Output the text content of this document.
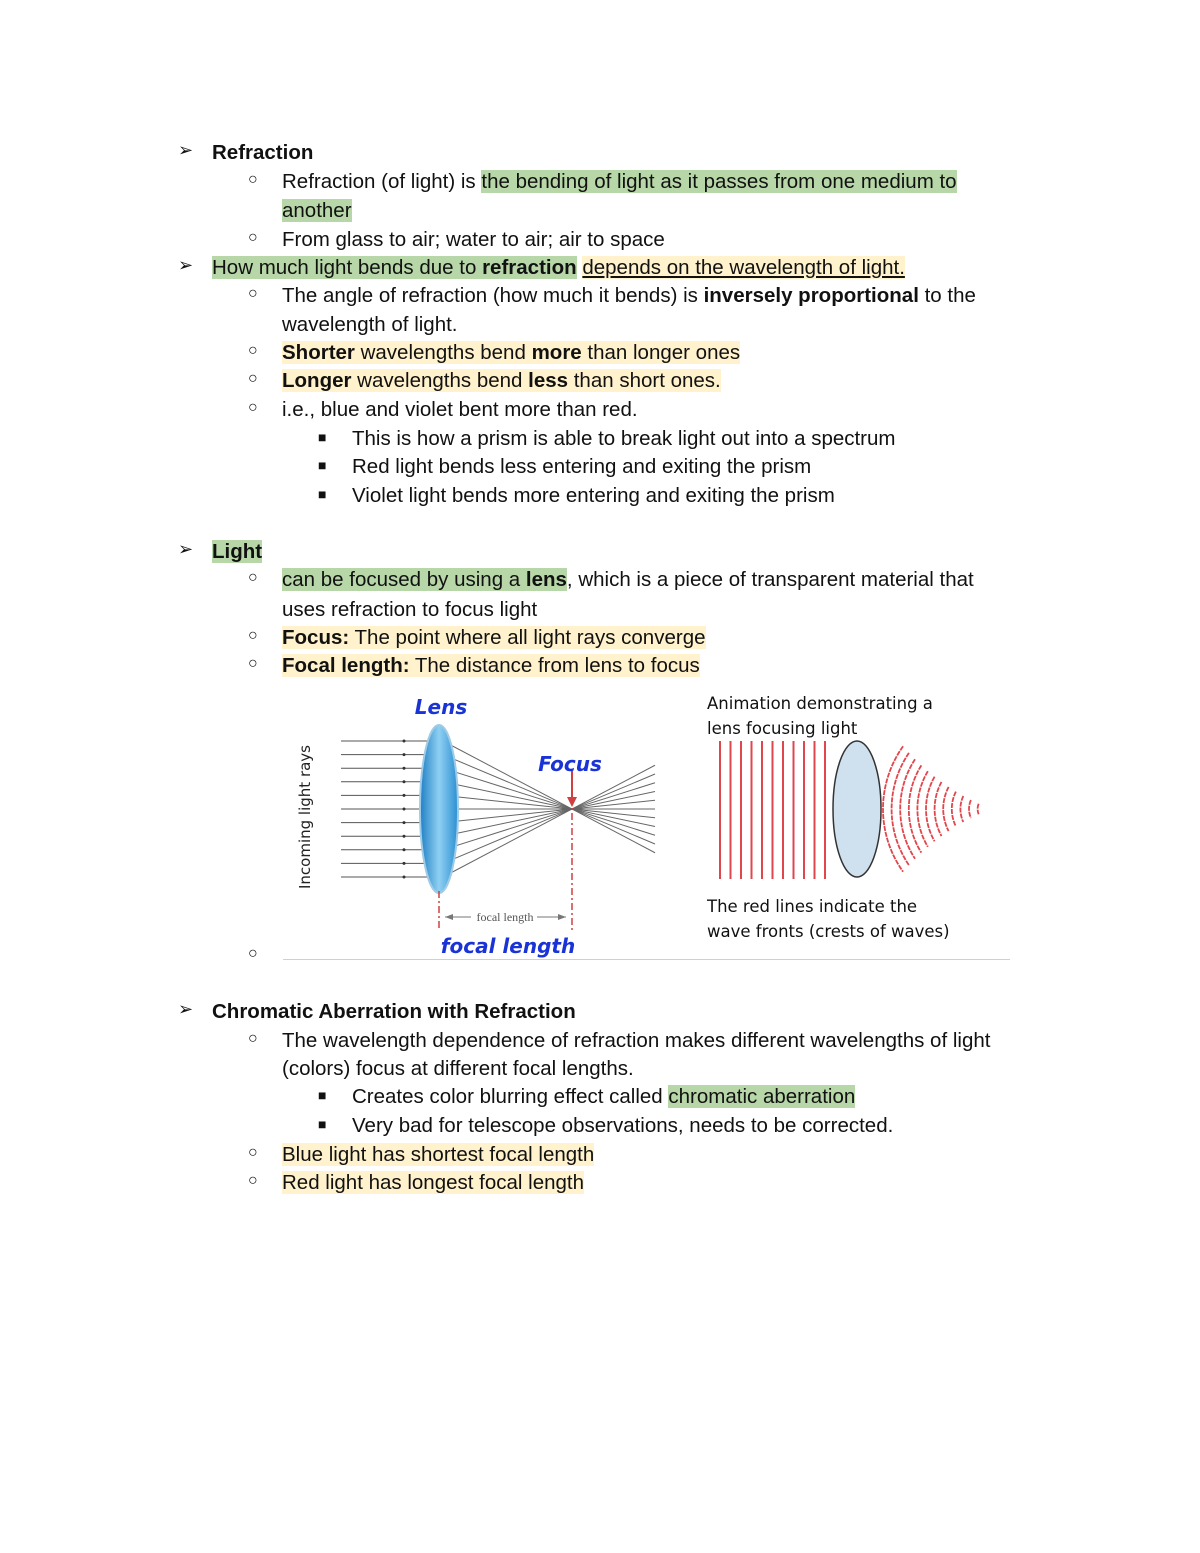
➢ Refraction
○ Refraction (of light) is the bending of light as it passes from one medium to
another
○ From glass to air; water to air; air to space
➢ How much light bends due to refraction depends on the wavelength of light.
○ The angle of refraction (how much it bends) is inversely proportional to the
wavelength of light.
○ Shorter wavelengths bend more than longer ones
○ Longer wavelengths bend less than short ones.
○ i.e., blue and violet bent more than red.
■ This is how a prism is able to break light out into a spectrum
■ Red light bends less entering and exiting the prism
■ Violet light bends more entering and exiting the prism
➢ Light
○ can be focused by using a lens, which is a piece of transparent material that
uses refraction to focus light
○ Focus: The point where all light rays converge
○ Focal length: The distance from lens to focus
○
focal length
Lens
Focus
focal length
Incoming light rays
Animation demonstrating a
lens focusing light
The red lines indicate the
wave fronts (crests of waves)
➢ Chromatic Aberration with Refraction
○ The wavelength dependence of refraction makes different wavelengths of light
(colors) focus at different focal lengths.
■ Creates color blurring effect called chromatic aberration
■ Very bad for telescope observations, needs to be corrected.
○ Blue light has shortest focal length
○ Red light has longest focal length
